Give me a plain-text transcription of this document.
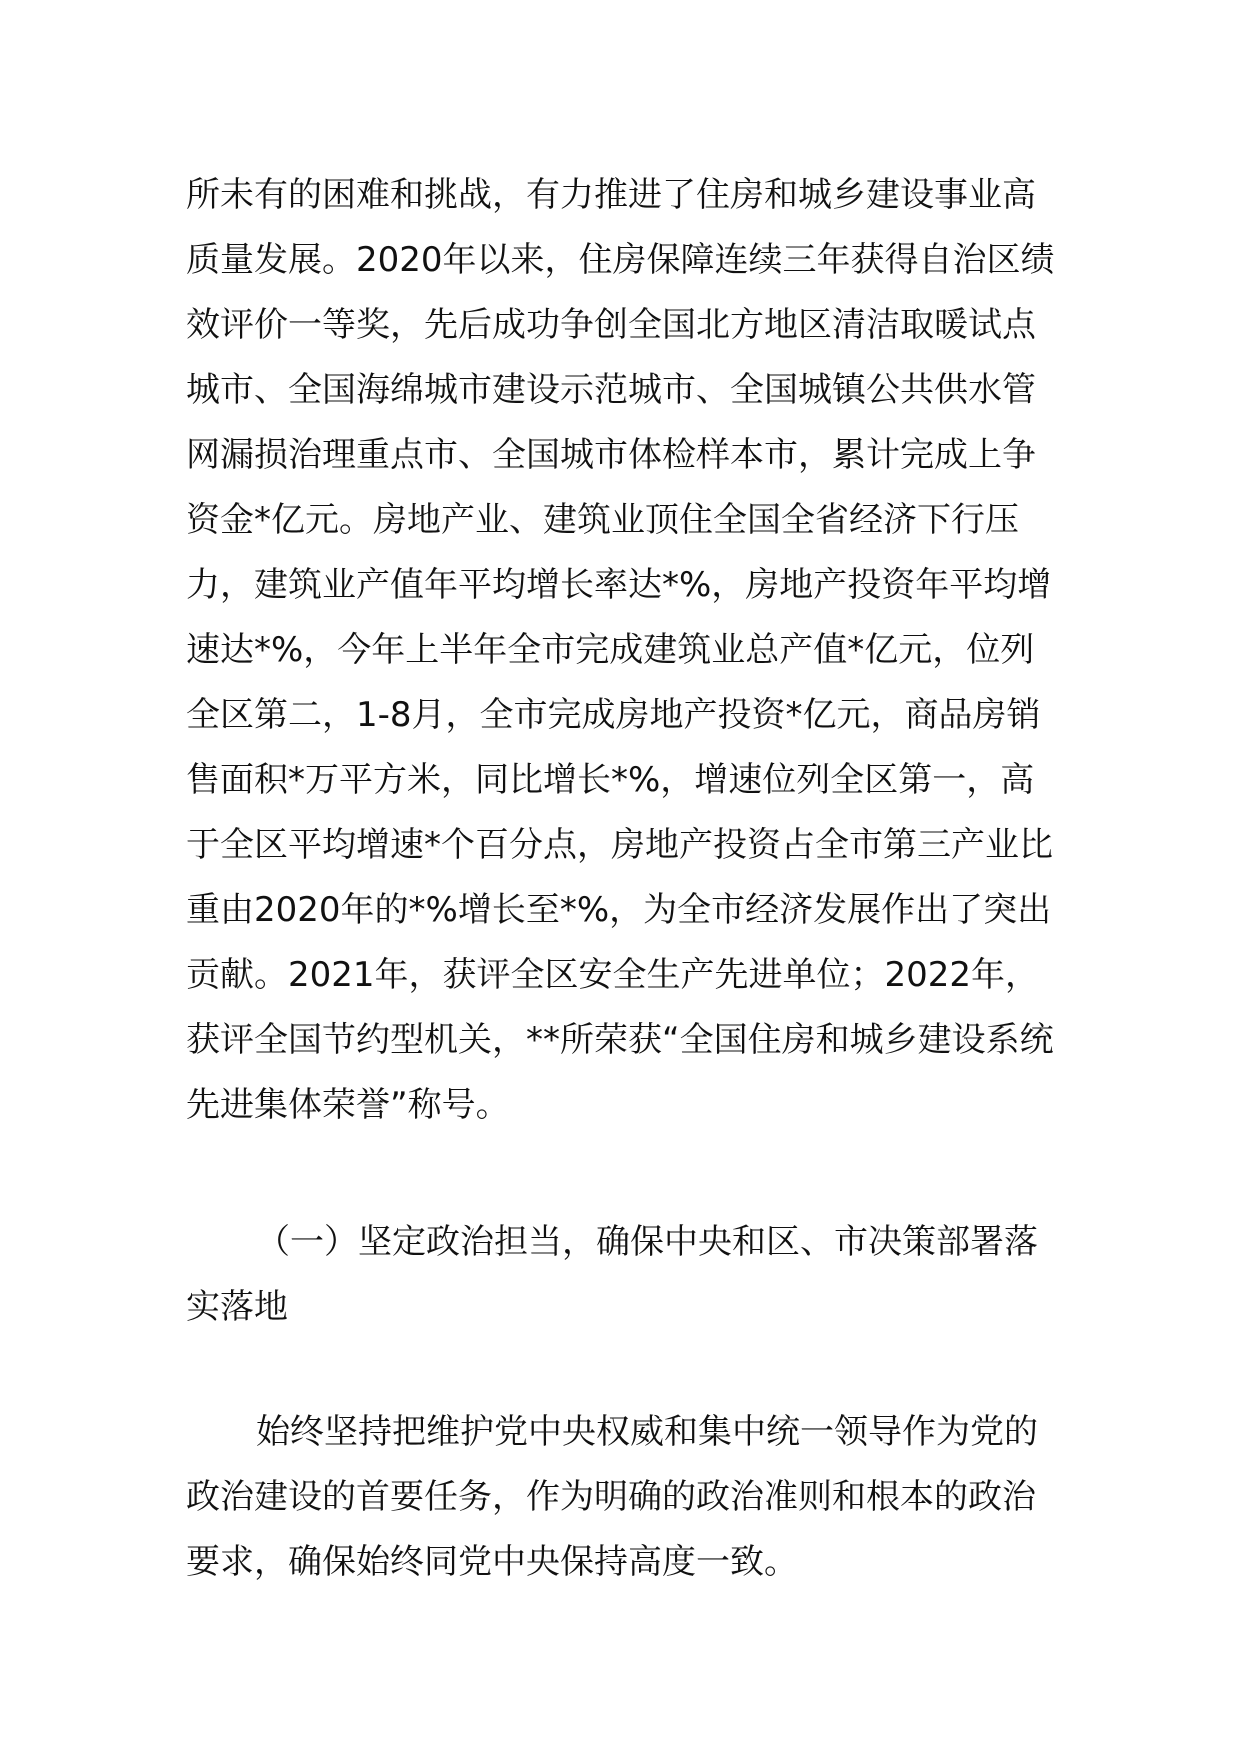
所未有的困难和挑战，有力推进了住房和城乡建设事业高质量发展。2020年以来，住房保障连续三年获得自治区绩效评价一等奖，先后成功争创全国北方地区清洁取暖试点城市、全国海绵城市建设示范城市、全国城镇公共供水管网漏损治理重点市、全国城市体检样本市，累计完成上争资金*亿元。房地产业、建筑业顶住全国全省经济下行压力，建筑业产值年平均增长率达*%，房地产投资年平均增速达*%，今年上半年全市完成建筑业总产值*亿元，位列全区第二，1-8月，全市完成房地产投资*亿元，商品房销售面积*万平方米，同比增长*%，增速位列全区第一，高于全区平均增速*个百分点，房地产投资占全市第三产业比重由2020年的*%增长至*%，为全市经济发展作出了突出贡献。2021年，获评全区安全生产先进单位；2022年，获评全国节约型机关，**所荣获“全国住房和城乡建设系统先进集体荣誉”称号。

（一）坚定政治担当，确保中央和区、市决策部署落实落地

始终坚持把维护党中央权威和集中统一领导作为党的政治建设的首要任务，作为明确的政治准则和根本的政治要求，确保始终同党中央保持高度一致。
